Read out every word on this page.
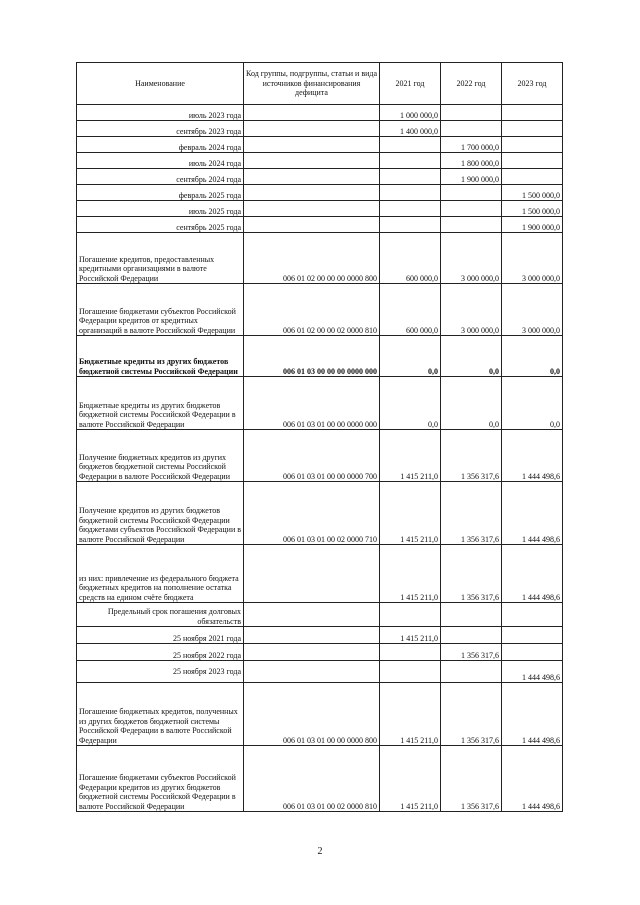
Наименование	Код группы, подгруппы, статьи и вида источников финансирования дефицита	2021 год	2022 год	2023 год
июль 2023 года		1 000 000,0		
сентябрь 2023 года		1 400 000,0		
февраль 2024 года			1 700 000,0	
июль 2024 года			1 800 000,0	
сентябрь 2024 года			1 900 000,0	
февраль 2025 года				1 500 000,0
июль 2025 года				1 500 000,0
сентябрь 2025 года				1 900 000,0
Погашение кредитов, предоставленных кредитными организациями в валюте Российской Федерации	006 01 02 00 00 00 0000 800	600 000,0	3 000 000,0	3 000 000,0
Погашение бюджетами субъектов Российской Федерации кредитов от кредитных организаций в валюте Российской Федерации	006 01 02 00 00 02 0000 810	600 000,0	3 000 000,0	3 000 000,0
Бюджетные кредиты из других бюджетов бюджетной системы Российской Федерации	006 01 03 00 00 00 0000 000	0,0	0,0	0,0
Бюджетные кредиты из других бюджетов бюджетной системы Российской Федерации в валюте Российской Федерации	006 01 03 01 00 00 0000 000	0,0	0,0	0,0
Получение бюджетных кредитов из других бюджетов бюджетной системы Российской Федерации в валюте Российской Федерации	006 01 03 01 00 00 0000 700	1 415 211,0	1 356 317,6	1 444 498,6
Получение кредитов из других бюджетов бюджетной системы Российской Федерации бюджетами субъектов Российской Федерации в валюте Российской Федерации	006 01 03 01 00 02 0000 710	1 415 211,0	1 356 317,6	1 444 498,6
из них: привлечение из федерального бюджета бюджетных кредитов на пополнение остатка средств на едином счёте бюджета		1 415 211,0	1 356 317,6	1 444 498,6
Предельный срок погашения долговых обязательств				
25 ноября 2021 года		1 415 211,0		
25 ноября 2022 года			1 356 317,6	
25 ноября 2023 года				1 444 498,6
Погашение бюджетных кредитов, полученных из других бюджетов бюджетной системы Российской Федерации в валюте Российской Федерации	006 01 03 01 00 00 0000 800	1 415 211,0	1 356 317,6	1 444 498,6
Погашение бюджетами субъектов Российской Федерации кредитов из других бюджетов бюджетной системы Российской Федерации в валюте Российской Федерации	006 01 03 01 00 02 0000 810	1 415 211,0	1 356 317,6	1 444 498,6
2
